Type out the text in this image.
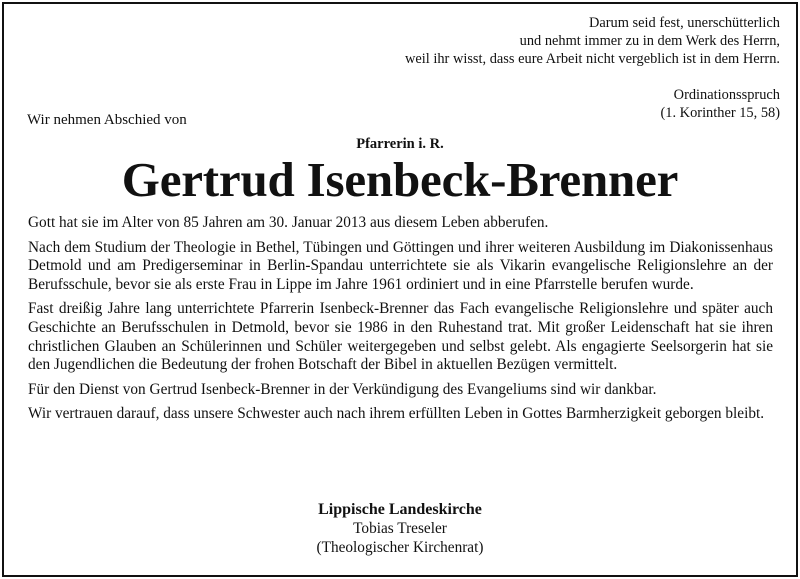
Darum seid fest, unerschütterlich
und nehmt immer zu in dem Werk des Herrn,
weil ihr wisst, dass eure Arbeit nicht vergeblich ist in dem Herrn.
Ordinationsspruch
(1. Korinther 15, 58)
Wir nehmen Abschied von
Pfarrerin i. R.
Gertrud Isenbeck-Brenner

Gott hat sie im Alter von 85 Jahren am 30. Januar 2013 aus diesem Leben abberufen.

Nach dem Studium der Theologie in Bethel, Tübingen und Göttingen und ihrer weiteren Ausbildung im Diakonissenhaus Detmold und am Predigerseminar in Berlin-Spandau unterrichtete sie als Vikarin evangelische Religionslehre an der Berufsschule, bevor sie als erste Frau in Lippe im Jahre 1961 ordiniert und in eine Pfarrstelle berufen wurde.

Fast dreißig Jahre lang unterrichtete Pfarrerin Isenbeck-Brenner das Fach evangelische Religionslehre und später auch Geschichte an Berufsschulen in Detmold, bevor sie 1986 in den Ruhestand trat. Mit großer Leidenschaft hat sie ihren christlichen Glauben an Schülerinnen und Schüler weitergegeben und selbst gelebt. Als engagierte Seelsorgerin hat sie den Jugendlichen die Bedeutung der frohen Botschaft der Bibel in aktuellen Bezügen vermittelt.

Für den Dienst von Gertrud Isenbeck-Brenner in der Verkündigung des Evangeliums sind wir dankbar.

Wir vertrauen darauf, dass unsere Schwester auch nach ihrem erfüllten Leben in Gottes Barmherzigkeit geborgen bleibt.

Lippische Landeskirche
Tobias Treseler
(Theologischer Kirchenrat)
